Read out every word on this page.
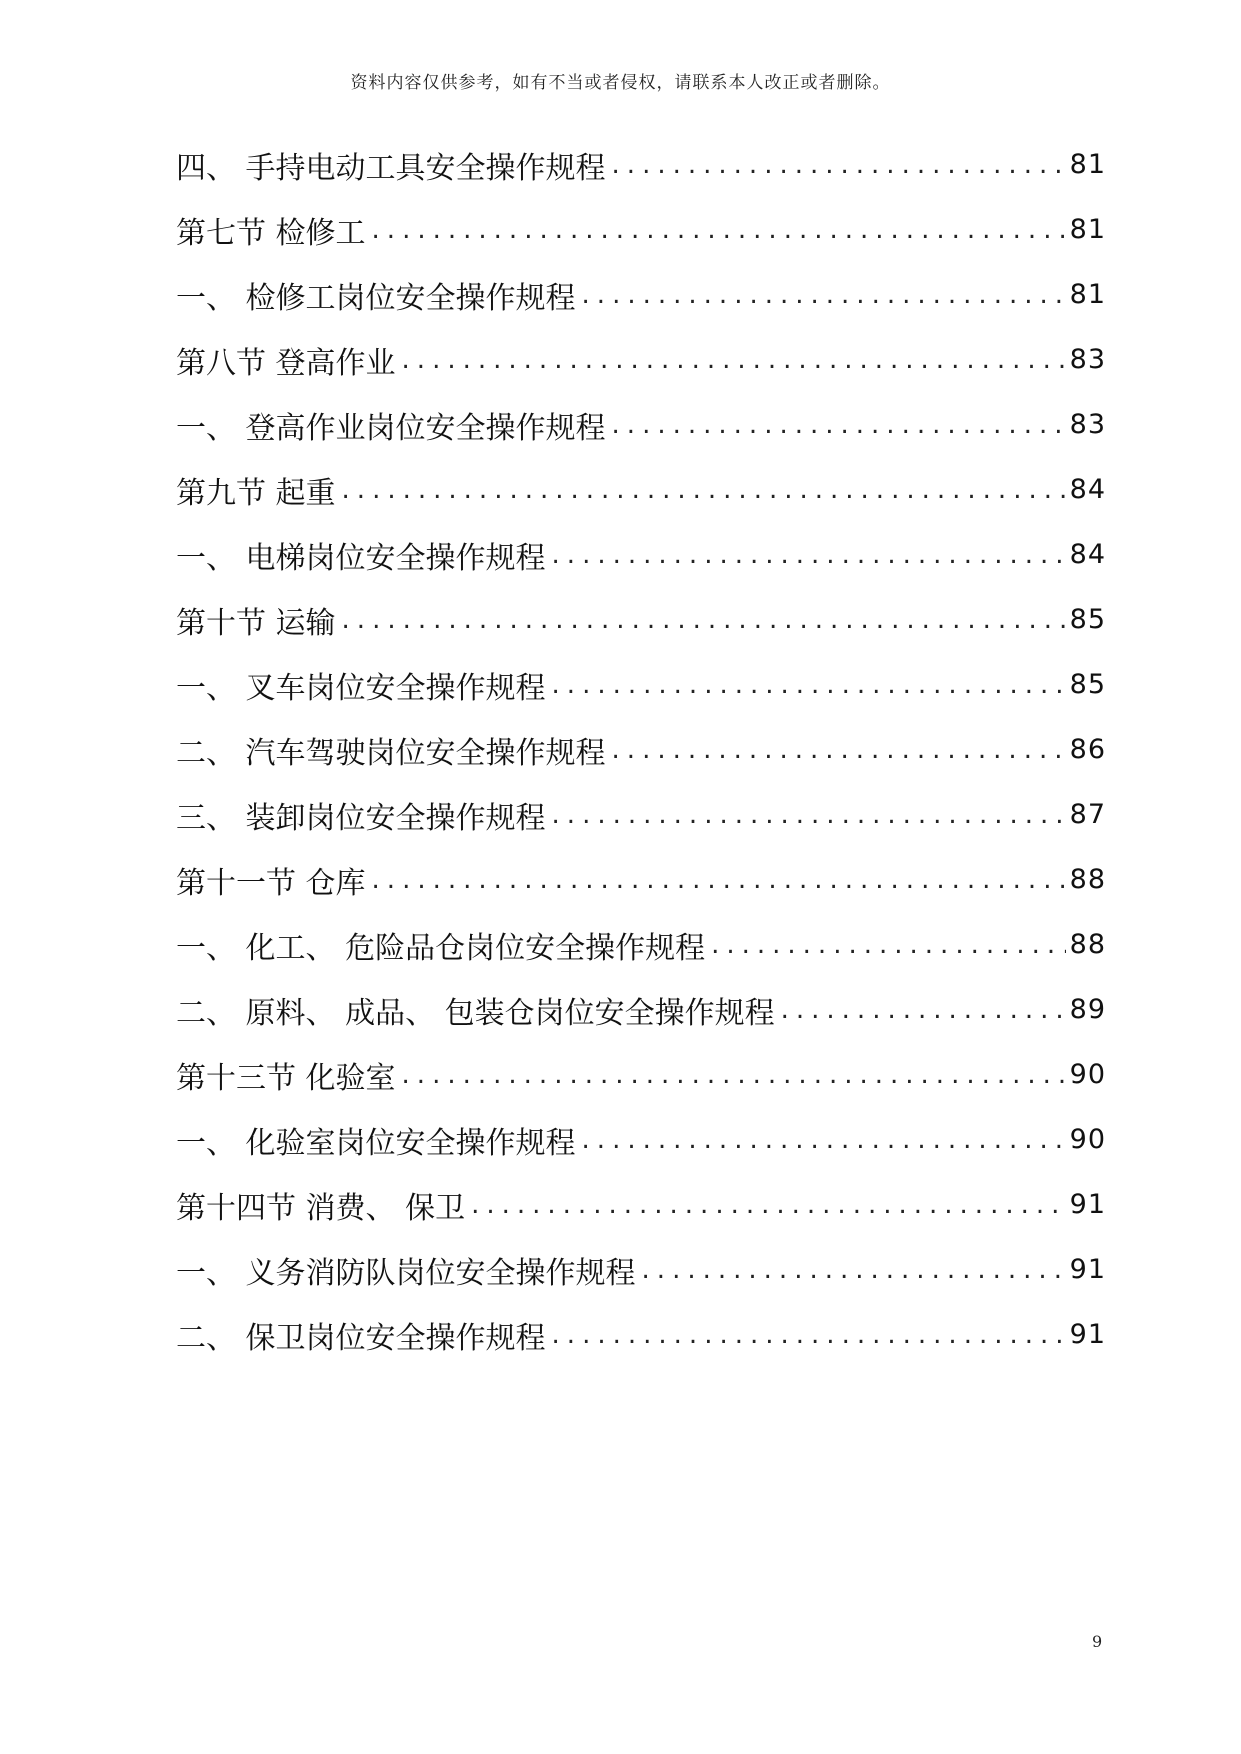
资料内容仅供参考，如有不当或者侵权，请联系本人改正或者删除。
四、 手持电动工具安全操作规程 .....	81
第七节 检修工 .....	81
一、 检修工岗位安全操作规程 .....	81
第八节 登高作业 .....	83
一、 登高作业岗位安全操作规程 .....	83
第九节 起重 .....	84
一、 电梯岗位安全操作规程 .....	84
第十节 运输 .....	85
一、 叉车岗位安全操作规程 .....	85
二、 汽车驾驶岗位安全操作规程 .....	86
三、 装卸岗位安全操作规程 .....	87
第十一节 仓库 .....	88
一、 化工、 危险品仓岗位安全操作规程 .....	88
二、 原料、 成品、 包装仓岗位安全操作规程 .....	89
第十三节 化验室 .....	90
一、 化验室岗位安全操作规程 .....	90
第十四节 消费、 保卫 .....	91
一、 义务消防队岗位安全操作规程 .....	91
二、 保卫岗位安全操作规程 .....	91
9
